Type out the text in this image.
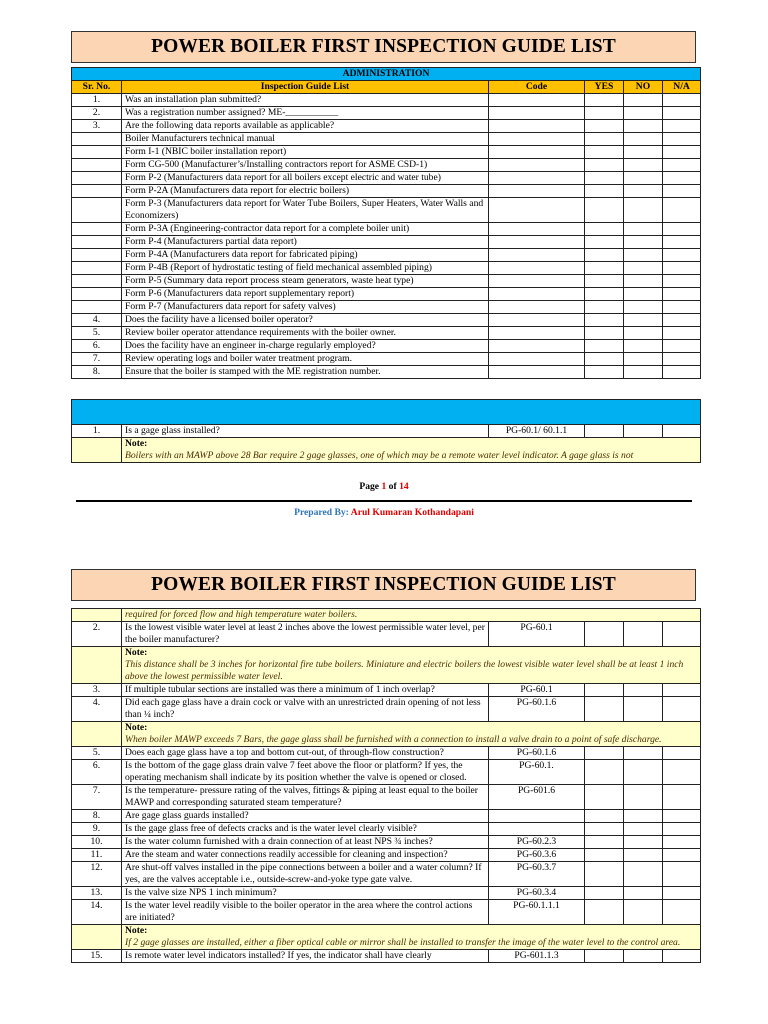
POWER BOILER FIRST INSPECTION GUIDE LIST
ADMINISTRATION					
Sr. No.	Inspection Guide List	Code	YES	NO	N/A
1.	Was an installation plan submitted?				
2.	Was a registration number assigned? ME-___________				
3.	Are the following data reports available as applicable?				
	Boiler Manufacturers technical manual				
	Form I-1 (NBIC boiler installation report)				
	Form CG-500 (Manufacturer’s/Installing contractors report for ASME CSD-1)				
	Form P-2 (Manufacturers data report for all boilers except electric and water tube)				
	Form P-2A (Manufacturers data report for electric boilers)				
	Form P-3 (Manufacturers data report for Water Tube Boilers, Super Heaters, Water Walls and Economizers)				
	Form P-3A (Engineering-contractor data report for a complete boiler unit)				
	Form P-4 (Manufacturers partial data report)				
	Form P-4A (Manufacturers data report for fabricated piping)				
	Form P-4B (Report of hydrostatic testing of field mechanical assembled piping)				
	Form P-5 (Summary data report process steam generators, waste heat type)				
	Form P-6 (Manufacturers data report supplementary report)				
	Form P-7 (Manufacturers data report for safety valves)				
4.	Does the facility have a licensed boiler operator?				
5.	Review boiler operator attendance requirements with the boiler owner.				
6.	Does the facility have an engineer in-charge regularly employed?				
7.	Review operating logs and boiler water treatment program.				
8.	Ensure that the boiler is stamped with the ME registration number.				

1.	Is a gage glass installed?	PG-60.1/ 60.1.1			

	Note:
Boilers with an MAWP above 28 Bar require 2 gage glasses, one of which may be a remote water level indicator. A gage glass is not				
Page 1 of 14
Prepared By: Arul Kumaran Kothandapani
POWER BOILER FIRST INSPECTION GUIDE LIST
	required for forced flow and high temperature water boilers.				
2.	Is the lowest visible water level at least 2 inches above the lowest permissible water level, per the boiler manufacturer?	PG-60.1			

	Note:
This distance shall be 3 inches for horizontal fire tube boilers. Miniature and electric boilers the lowest visible water level shall be at least 1 inch above the lowest permissible water level.				

3.	If multiple tubular sections are installed was there a minimum of 1 inch overlap?	PG-60.1			
4.	Did each gage glass have a drain cock or valve with an unrestricted drain opening of not less than ¼ inch?	PG-60.1.6			

	Note:
When boiler MAWP exceeds 7 Bars, the gage glass shall be furnished with a connection to install a valve drain to a point of safe discharge.				

5.	Does each gage glass have a top and bottom cut-out, of through-flow construction?	PG-60.1.6			
6.	Is the bottom of the gage glass drain valve 7 feet above the floor or platform? If yes, the operating mechanism shall indicate by its position whether the valve is opened or closed.	PG-60.1.			
7.	Is the temperature- pressure rating of the valves, fittings & piping at least equal to the boiler MAWP and corresponding saturated steam temperature?	PG-601.6			
8.	Are gage glass guards installed?				
9.	Is the gage glass free of defects cracks and is the water level clearly visible?				
10.	Is the water column furnished with a drain connection of at least NPS ¾ inches?	PG-60.2.3			
11.	Are the steam and water connections readily accessible for cleaning and inspection?	PG-60.3.6			
12.	Are shut-off valves installed in the pipe connections between a boiler and a water column? If yes, are the valves acceptable i.e., outside-screw-and-yoke type gate valve.	PG-60.3.7			
13.	Is the valve size NPS 1 inch minimum?	PG-60.3.4			
14.	Is the water level readily visible to the boiler operator in the area where the control actions are initiated?	PG-60.1.1.1			

	Note:
If 2 gage glasses are installed, either a fiber optical cable or mirror shall be installed to transfer the image of the water level to the control area.				

15.	Is remote water level indicators installed? If yes, the indicator shall have clearly	PG-601.1.3			
